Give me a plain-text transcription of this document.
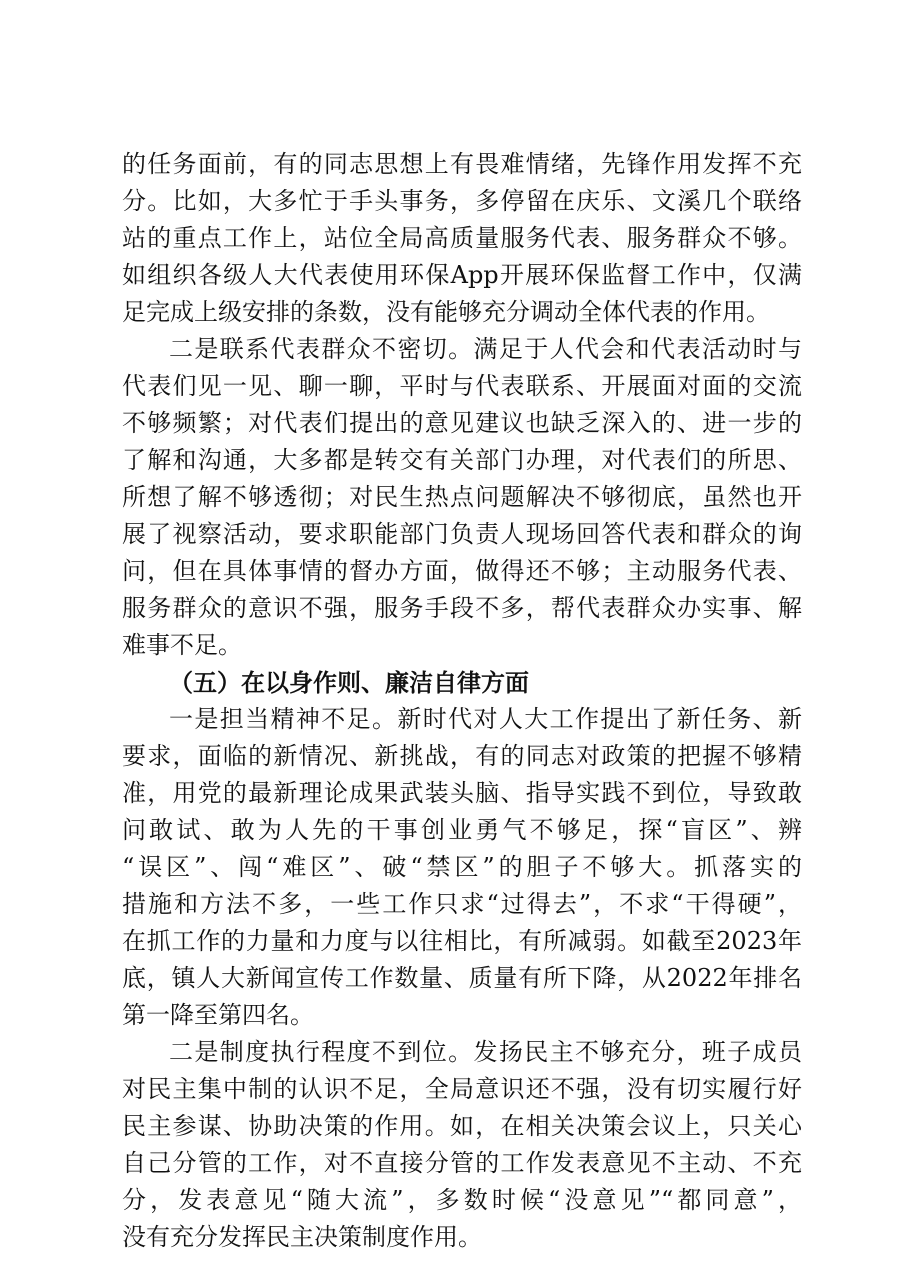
的任务面前，有的同志思想上有畏难情绪，先锋作用发挥不充
分。比如，大多忙于手头事务，多停留在庆乐、文溪几个联络
站的重点工作上，站位全局高质量服务代表、服务群众不够。
如组织各级人大代表使用环保App开展环保监督工作中，仅满
足完成上级安排的条数，没有能够充分调动全体代表的作用。
二是联系代表群众不密切。满足于人代会和代表活动时与
代表们见一见、聊一聊，平时与代表联系、开展面对面的交流
不够频繁；对代表们提出的意见建议也缺乏深入的、进一步的
了解和沟通，大多都是转交有关部门办理，对代表们的所思、
所想了解不够透彻；对民生热点问题解决不够彻底，虽然也开
展了视察活动，要求职能部门负责人现场回答代表和群众的询
问，但在具体事情的督办方面，做得还不够；主动服务代表、
服务群众的意识不强，服务手段不多，帮代表群众办实事、解
难事不足。
（五）在以身作则、廉洁自律方面
一是担当精神不足。新时代对人大工作提出了新任务、新
要求，面临的新情况、新挑战，有的同志对政策的把握不够精
准，用党的最新理论成果武装头脑、指导实践不到位，导致敢
问敢试、敢为人先的干事创业勇气不够足，探“盲区”、辨
“误区”、闯“难区”、破“禁区”的胆子不够大。抓落实的
措施和方法不多，一些工作只求“过得去”，不求“干得硬”，
在抓工作的力量和力度与以往相比，有所减弱。如截至2023年
底，镇人大新闻宣传工作数量、质量有所下降，从2022年排名
第一降至第四名。
二是制度执行程度不到位。发扬民主不够充分，班子成员
对民主集中制的认识不足，全局意识还不强，没有切实履行好
民主参谋、协助决策的作用。如，在相关决策会议上，只关心
自己分管的工作，对不直接分管的工作发表意见不主动、不充
分，发表意见“随大流”，多数时候“没意见”“都同意”，
没有充分发挥民主决策制度作用。
